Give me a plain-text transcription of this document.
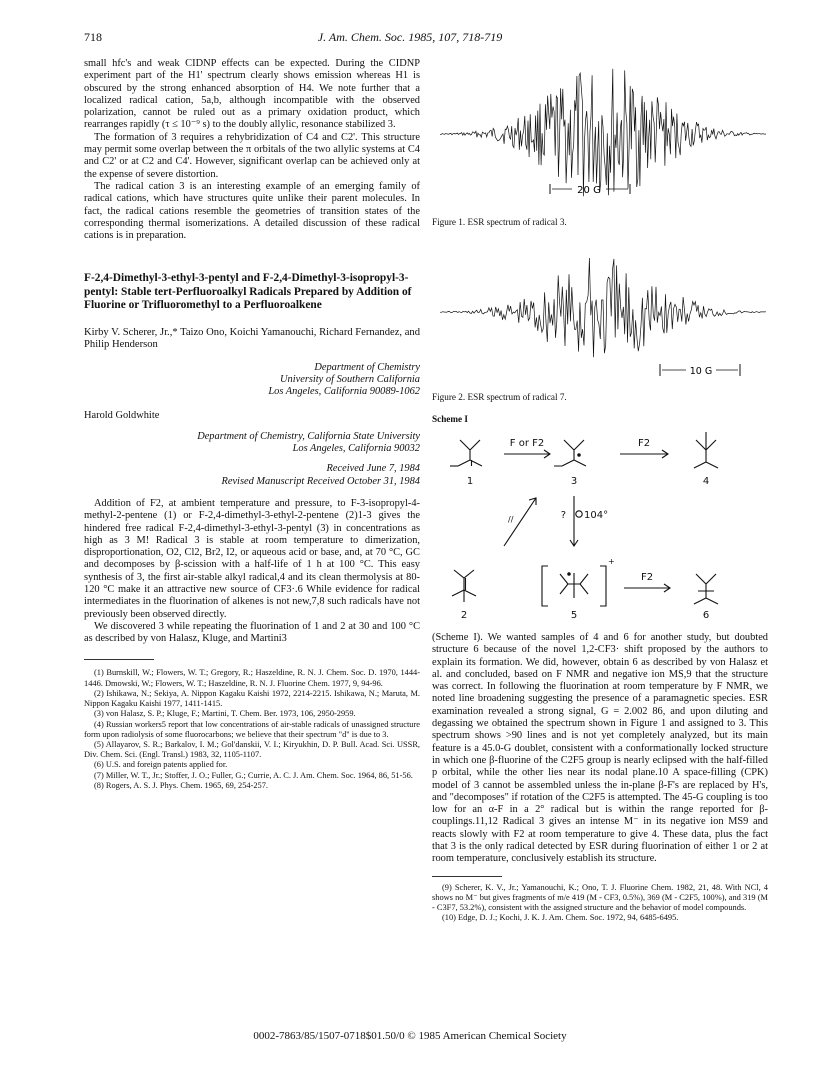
718	J. Am. Chem. Soc. 1985, 107, 718-719

small hfc's and weak CIDNP effects can be expected. During the CIDNP experiment part of the H1' spectrum clearly shows emission whereas H1 is obscured by the strong enhanced absorption of H4. We note further that a localized radical cation, 5a,b, although incompatible with the observed polarization, cannot be ruled out as a primary oxidation product, which rearranges rapidly (τ ≤ 10⁻⁹ s) to the doubly allylic, resonance stabilized 3.

The formation of 3 requires a rehybridization of C4 and C2'. This structure may permit some overlap between the π orbitals of the two allylic systems at C4 and C2' or at C2 and C4'. However, significant overlap can be achieved only at the expense of severe distortion.

The radical cation 3 is an interesting example of an emerging family of radical cations, which have structures quite unlike their parent molecules. In fact, the radical cations resemble the geometries of transition states of the corresponding thermal isomerizations. A detailed discussion of these radical cations is in preparation.

F-2,4-Dimethyl-3-ethyl-3-pentyl and F-2,4-Dimethyl-3-isopropyl-3-pentyl: Stable tert-Perfluoroalkyl Radicals Prepared by Addition of Fluorine or Trifluoromethyl to a Perfluoroalkene

Kirby V. Scherer, Jr.,* Taizo Ono, Koichi Yamanouchi, Richard Fernandez, and Philip Henderson

Department of Chemistry

University of Southern California

Los Angeles, California 90089-1062

Harold Goldwhite

Department of Chemistry, California State University

Los Angeles, California 90032

Received June 7, 1984

Revised Manuscript Received October 31, 1984

Addition of F2, at ambient temperature and pressure, to F-3-isopropyl-4-methyl-2-pentene (1) or F-2,4-dimethyl-3-ethyl-2-pentene (2)1-3 gives the hindered free radical F-2,4-dimethyl-3-ethyl-3-pentyl (3) in concentrations as high as 3 M! Radical 3 is stable at room temperature to dimerization, disproportionation, O2, Cl2, Br2, I2, or aqueous acid or base, and, at 70 °C, GC and decomposes by β-scission with a half-life of 1 h at 100 °C. This easy synthesis of 3, the first air-stable alkyl radical,4 and its clean thermolysis at 80-120 °C make it an attractive new source of CF3·.6 While evidence for radical intermediates in the fluorination of alkenes is not new,7,8 such radicals have not previously been observed directly.

We discovered 3 while repeating the fluorination of 1 and 2 at 30 and 100 °C as described by von Halasz, Kluge, and Martini3

(1) Burnskill, W.; Flowers, W. T.; Gregory, R.; Haszeldine, R. N. J. Chem. Soc. D. 1970, 1444-1446. Dmowski, W.; Flowers, W. T.; Haszeldine, R. N. J. Fluorine Chem. 1977, 9, 94-96.
(2) Ishikawa, N.; Sekiya, A. Nippon Kagaku Kaishi 1972, 2214-2215. Ishikawa, N.; Maruta, M. Nippon Kagaku Kaishi 1977, 1411-1415.
(3) von Halasz, S. P.; Kluge, F.; Martini, T. Chem. Ber. 1973, 106, 2950-2959.
(4) Russian workers5 report that low concentrations of air-stable radicals of unassigned structure form upon radiolysis of some fluorocarbons; we believe that their spectrum "d" is due to 3.
(5) Allayarov, S. R.; Barkalov, I. M.; Gol'danskii, V. I.; Kiryukhin, D. P. Bull. Acad. Sci. USSR, Div. Chem. Sci. (Engl. Transl.) 1983, 32, 1105-1107.
(6) U.S. and foreign patents applied for.
(7) Miller, W. T., Jr.; Stoffer, J. O.; Fuller, G.; Currie, A. C. J. Am. Chem. Soc. 1964, 86, 51-56.
(8) Rogers, A. S. J. Phys. Chem. 1965, 69, 254-257.
20 G
Figure 1. ESR spectrum of radical 3.
10 G
Figure 2. ESR spectrum of radical 7.
Scheme I
1
F or F2
3
F2
4
//	? 104°
2
+
5
F2
6

(Scheme I). We wanted samples of 4 and 6 for another study, but doubted structure 6 because of the novel 1,2-CF3· shift proposed by the authors to explain its formation. We did, however, obtain 6 as described by von Halasz et al. and concluded, based on F NMR and negative ion MS,9 that the structure was correct. In following the fluorination at room temperature by F NMR, we noted line broadening suggesting the presence of a paramagnetic species. ESR examination revealed a strong signal, G = 2.002 86, and upon diluting and degassing we obtained the spectrum shown in Figure 1 and assigned to 3. This spectrum shows >90 lines and is not yet completely analyzed, but its main feature is a 45.0-G doublet, consistent with a conformationally locked structure in which one β-fluorine of the C2F5 group is nearly eclipsed with the half-filled p orbital, while the other lies near its nodal plane.10 A space-filling (CPK) model of 3 cannot be assembled unless the in-plane β-F's are replaced by H's, and "decomposes" if rotation of the C2F5 is attempted. The 45-G coupling is too low for an α-F in a 2° radical but is within the range reported for β-couplings.11,12 Radical 3 gives an intense M⁻ in its negative ion MS9 and reacts slowly with F2 at room temperature to give 4. These data, plus the fact that 3 is the only radical detected by ESR during fluorination of either 1 or 2 at room temperature, conclusively establish its structure.

(9) Scherer, K. V., Jr.; Yamanouchi, K.; Ono, T. J. Fluorine Chem. 1982, 21, 48. With NCl, 4 shows no M⁻ but gives fragments of m/e 419 (M - CF3, 0.5%), 369 (M - C2F5, 100%), and 319 (M - C3F7, 53.2%), consistent with the assigned structure and the behavior of model compounds.
(10) Edge, D. J.; Kochi, J. K. J. Am. Chem. Soc. 1972, 94, 6485-6495.
0002-7863/85/1507-0718$01.50/0 © 1985 American Chemical Society
